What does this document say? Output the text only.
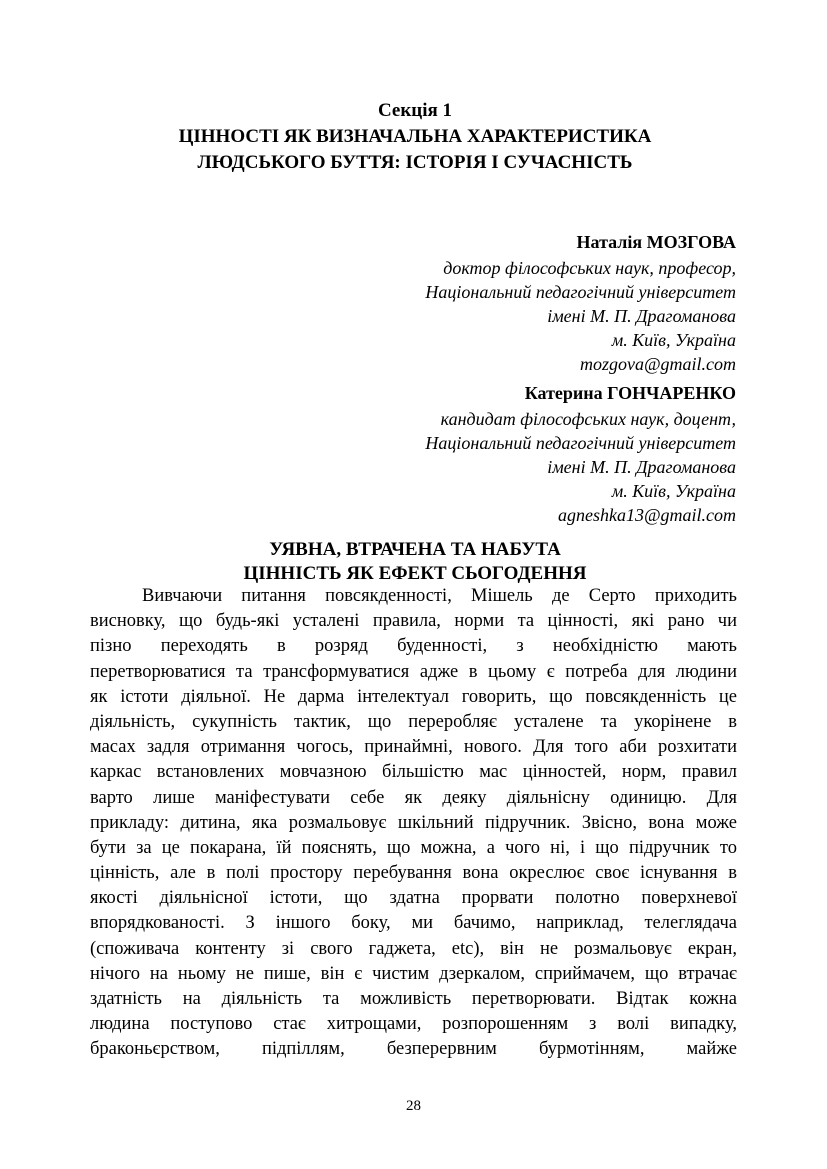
Секція 1
ЦІННОСТІ ЯК ВИЗНАЧАЛЬНА ХАРАКТЕРИСТИКА
ЛЮДСЬКОГО БУТТЯ: ІСТОРІЯ І СУЧАСНІСТЬ
Наталія МОЗГОВА
доктор філософських наук, професор,
Національний педагогічний університет
імені М. П. Драгоманова
м. Київ, Україна
mozgova@gmail.com
Катерина ГОНЧАРЕНКО
кандидат філософських наук, доцент,
Національний педагогічний університет
імені М. П. Драгоманова
м. Київ, Україна
agneshka13@gmail.com
УЯВНА, ВТРАЧЕНА ТА НАБУТА
ЦІННІСТЬ ЯК ЕФЕКТ СЬОГОДЕННЯ
Вивчаючи питання повсякденності, Мішель де Серто приходить
висновку, що будь-які усталені правила, норми та цінності, які рано чи
пізно переходять в розряд буденності, з необхідністю мають
перетворюватися та трансформуватися адже в цьому є потреба для людини
як істоти діяльної. Не дарма інтелектуал говорить, що повсякденність це
діяльність, сукупність тактик, що переробляє усталене та укорінене в
масах задля отримання чогось, принаймні, нового. Для того аби розхитати
каркас встановлених мовчазною більшістю мас цінностей, норм, правил
варто лише маніфестувати себе як деяку діяльнісну одиницю. Для
прикладу: дитина, яка розмальовує шкільний підручник. Звісно, вона може
бути за це покарана, їй пояснять, що можна, а чого ні, і що підручник то
цінність, але в полі простору перебування вона окреслює своє існування в
якості діяльнісної істоти, що здатна прорвати полотно поверхневої
впорядкованості. З іншого боку, ми бачимо, наприклад, телеглядача
(споживача контенту зі свого гаджета, etc), він не розмальовує екран,
нічого на ньому не пише, він є чистим дзеркалом, сприймачем, що втрачає
здатність на діяльність та можливість перетворювати. Відтак кожна
людина поступово стає хитрощами, розпорошенням з волі випадку,
браконьєрством, підпіллям, безперервним бурмотінням, майже
28
